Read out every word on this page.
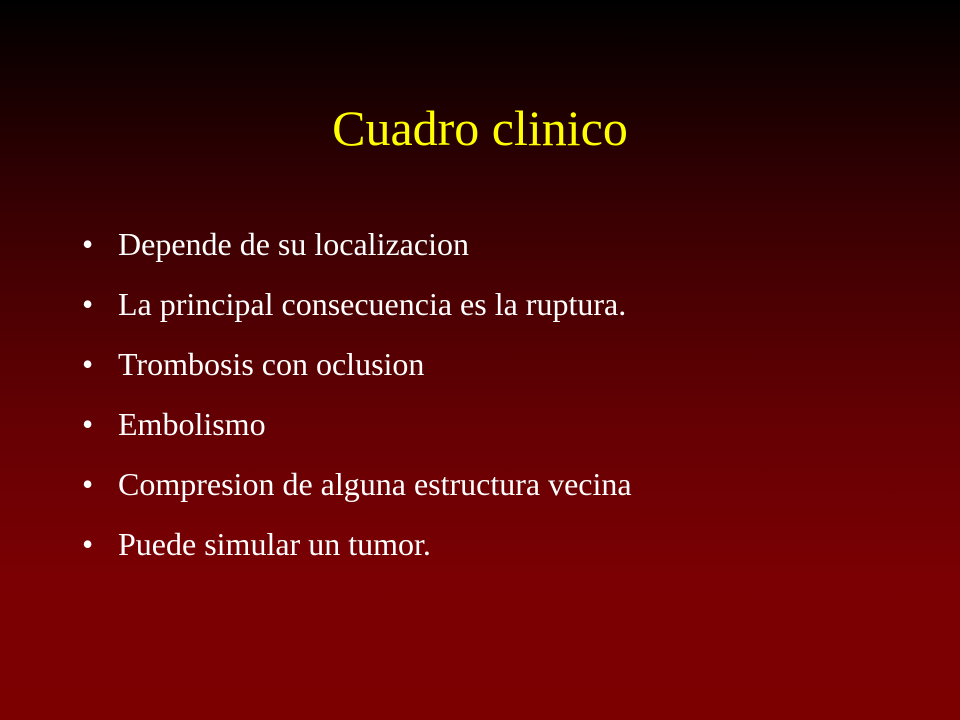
Cuadro clinico
• Depende de su localizacion
• La principal consecuencia es la ruptura.
• Trombosis con oclusion
• Embolismo
• Compresion de alguna estructura vecina
• Puede simular un tumor.
